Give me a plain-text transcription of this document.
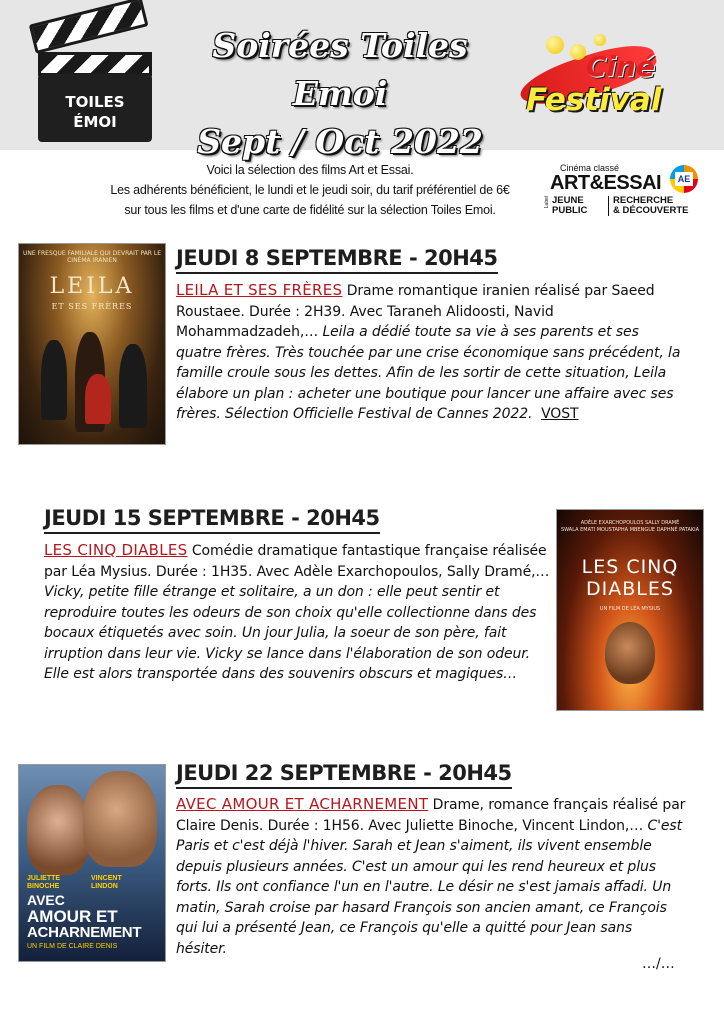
TOILES
ÉMOI
Soirées Toiles Emoi
Sept / Oct 2022
Ciné
Festival
Voici la sélection des films Art et Essai.
Les adhérents bénéficient, le lundi et le jeudi soir, du tarif préférentiel de 6€
sur tous les films et d'une carte de fidélité sur la sélection Toiles Emoi.
Cinéma classé
ART&ESSAI	AE
Label JEUNE
PUBLIC
RECHERCHE
& DÉCOUVERTE
UNE FRESQUE FAMILIALE QUI DEVRAIT PAR LE CINÉMA IRANIEN
LEILA
ET SES FRÈRES
JEUDI 8 SEPTEMBRE - 20H45
LEILA ET SES FRÈRES Drame romantique iranien réalisé par Saeed Roustaee. Durée : 2H39. Avec Taraneh Alidoosti, Navid Mohammadzadeh,… Leila a dédié toute sa vie à ses parents et ses quatre frères. Très touchée par une crise économique sans précédent, la famille croule sous les dettes. Afin de les sortir de cette situation, Leila élabore un plan : acheter une boutique pour lancer une affaire avec ses frères. Sélection Officielle Festival de Cannes 2022. VOST
JEUDI 15 SEPTEMBRE - 20H45
LES CINQ DIABLES Comédie dramatique fantastique française réalisée par Léa Mysius. Durée : 1H35. Avec Adèle Exarchopoulos, Sally Dramé,… Vicky, petite fille étrange et solitaire, a un don : elle peut sentir et reproduire toutes les odeurs de son choix qu'elle collectionne dans des bocaux étiquetés avec soin. Un jour Julia, la soeur de son père, fait irruption dans leur vie. Vicky se lance dans l'élaboration de son odeur. Elle est alors transportée dans des souvenirs obscurs et magiques…
ADÈLE EXARCHOPOULOS SALLY DRAMÉ
SWALA EMATI MOUSTAPHA MBENGUE DAPHNÉ PATAKIA
LES CINQ
DIABLES
UN FILM DE LÉA MYSIUS
JULIETTE	VINCENT
BINOCHE	LINDON
AVEC
AMOUR ET
ACHARNEMENT
UN FILM DE CLAIRE DENIS
JEUDI 22 SEPTEMBRE - 20H45
AVEC AMOUR ET ACHARNEMENT Drame, romance français réalisé par Claire Denis. Durée : 1H56. Avec Juliette Binoche, Vincent Lindon,… C'est Paris et c'est déjà l'hiver. Sarah et Jean s'aiment, ils vivent ensemble depuis plusieurs années. C'est un amour qui les rend heureux et plus forts. Ils ont confiance l'un en l'autre. Le désir ne s'est jamais affadi. Un matin, Sarah croise par hasard François son ancien amant, ce François qui lui a présenté Jean, ce François qu'elle a quitté pour Jean sans hésiter.
…/…
